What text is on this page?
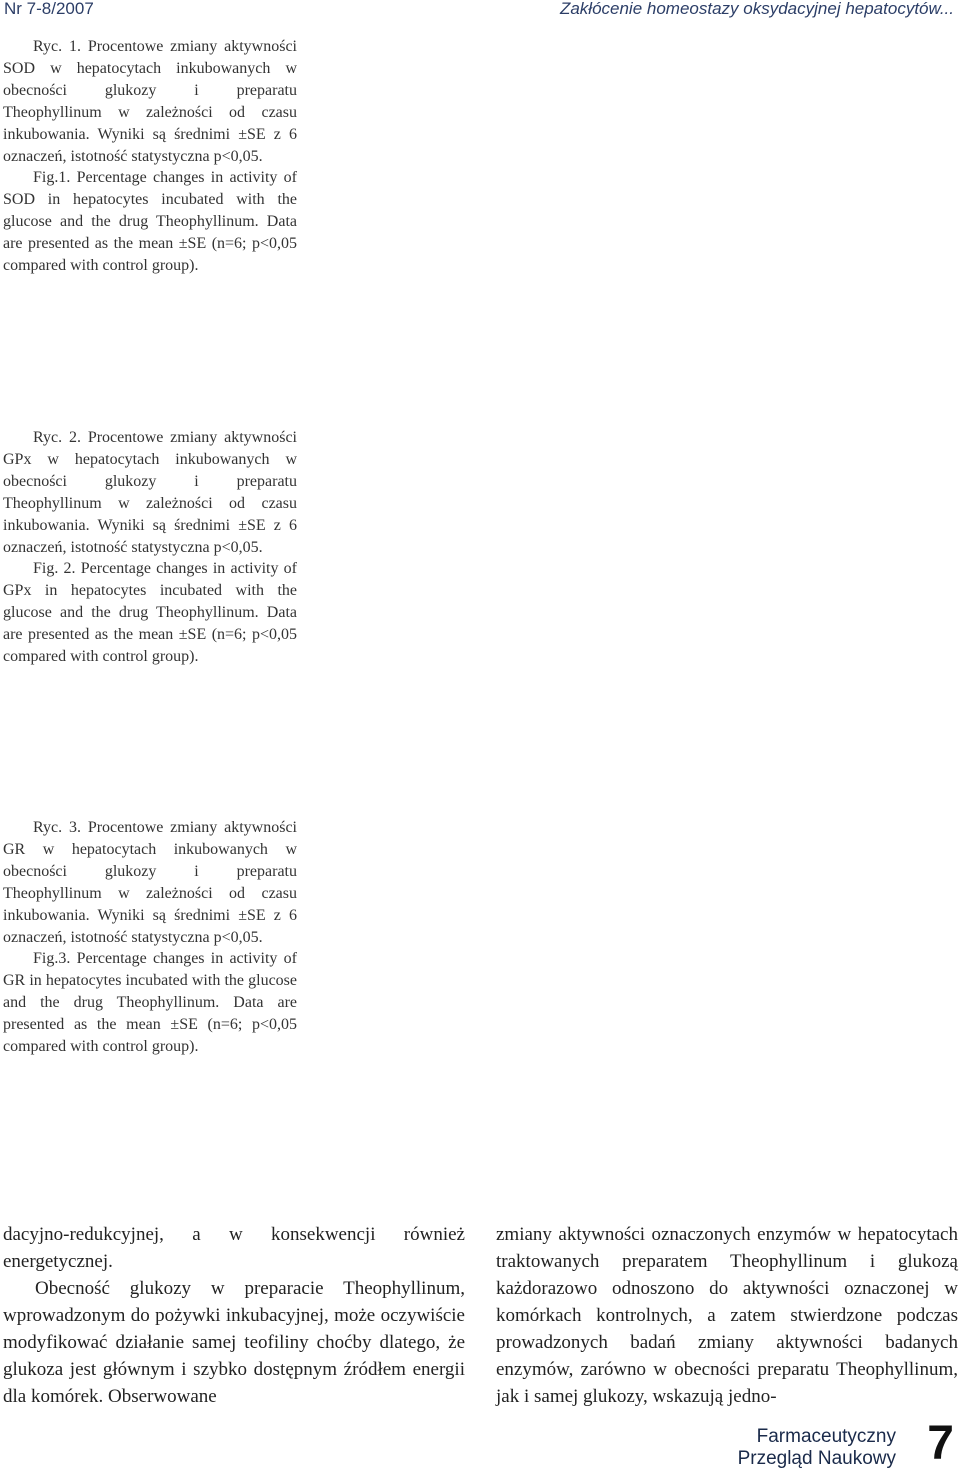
Nr 7-8/2007	Zakłócenie homeostazy oksydacyjnej hepatocytów...

Ryc. 1. Procentowe zmiany aktywności SOD w hepatocytach inkubowanych w obecności glukozy i preparatu Theophyllinum w zależności od czasu inkubowania. Wyniki są średnimi ±SE z 6 oznaczeń, istotność statystyczna p<0,05.

Fig.1. Percentage changes in activity of SOD in hepatocytes incubated with the glucose and the drug Theophyllinum. Data are presented as the mean ±SE (n=6; p<0,05 compared with control group).

Ryc. 2. Procentowe zmiany aktywności GPx w hepatocytach inkubowanych w obecności glukozy i preparatu Theophyllinum w zależności od czasu inkubowania. Wyniki są średnimi ±SE z 6 oznaczeń, istotność statystyczna p<0,05.

Fig. 2. Percentage changes in activity of GPx in hepatocytes incubated with the glucose and the drug Theophyllinum. Data are presented as the mean ±SE (n=6; p<0,05 compared with control group).

Ryc. 3. Procentowe zmiany aktywności GR w hepatocytach inkubowanych w obecności glukozy i preparatu Theophyllinum w zależności od czasu inkubowania. Wyniki są średnimi ±SE z 6 oznaczeń, istotność statystyczna p<0,05.

Fig.3. Percentage changes in activity of GR in hepatocytes incubated with the glucose and the drug Theophyllinum. Data are presented as the mean ±SE (n=6; p<0,05 compared with control group).

dacyjno-redukcyjnej, a w konsekwencji również energetycznej.

Obecność glukozy w preparacie Theophyllinum, wprowadzonym do pożywki inkubacyjnej, może oczywiście modyfikować działanie samej teofiliny choćby dlatego, że glukoza jest głównym i szybko dostępnym źródłem energii dla komórek. Obserwowane

zmiany aktywności oznaczonych enzymów w hepatocytach traktowanych preparatem Theophyllinum i glukozą każdorazowo odnoszono do aktywności oznaczonej w komórkach kontrolnych, a zatem stwierdzone podczas prowadzonych badań zmiany aktywności badanych enzymów, zarówno w obecności preparatu Theophyllinum, jak i samej glukozy, wskazują jedno-

Farmaceutyczny
Przegląd Naukowy 7
